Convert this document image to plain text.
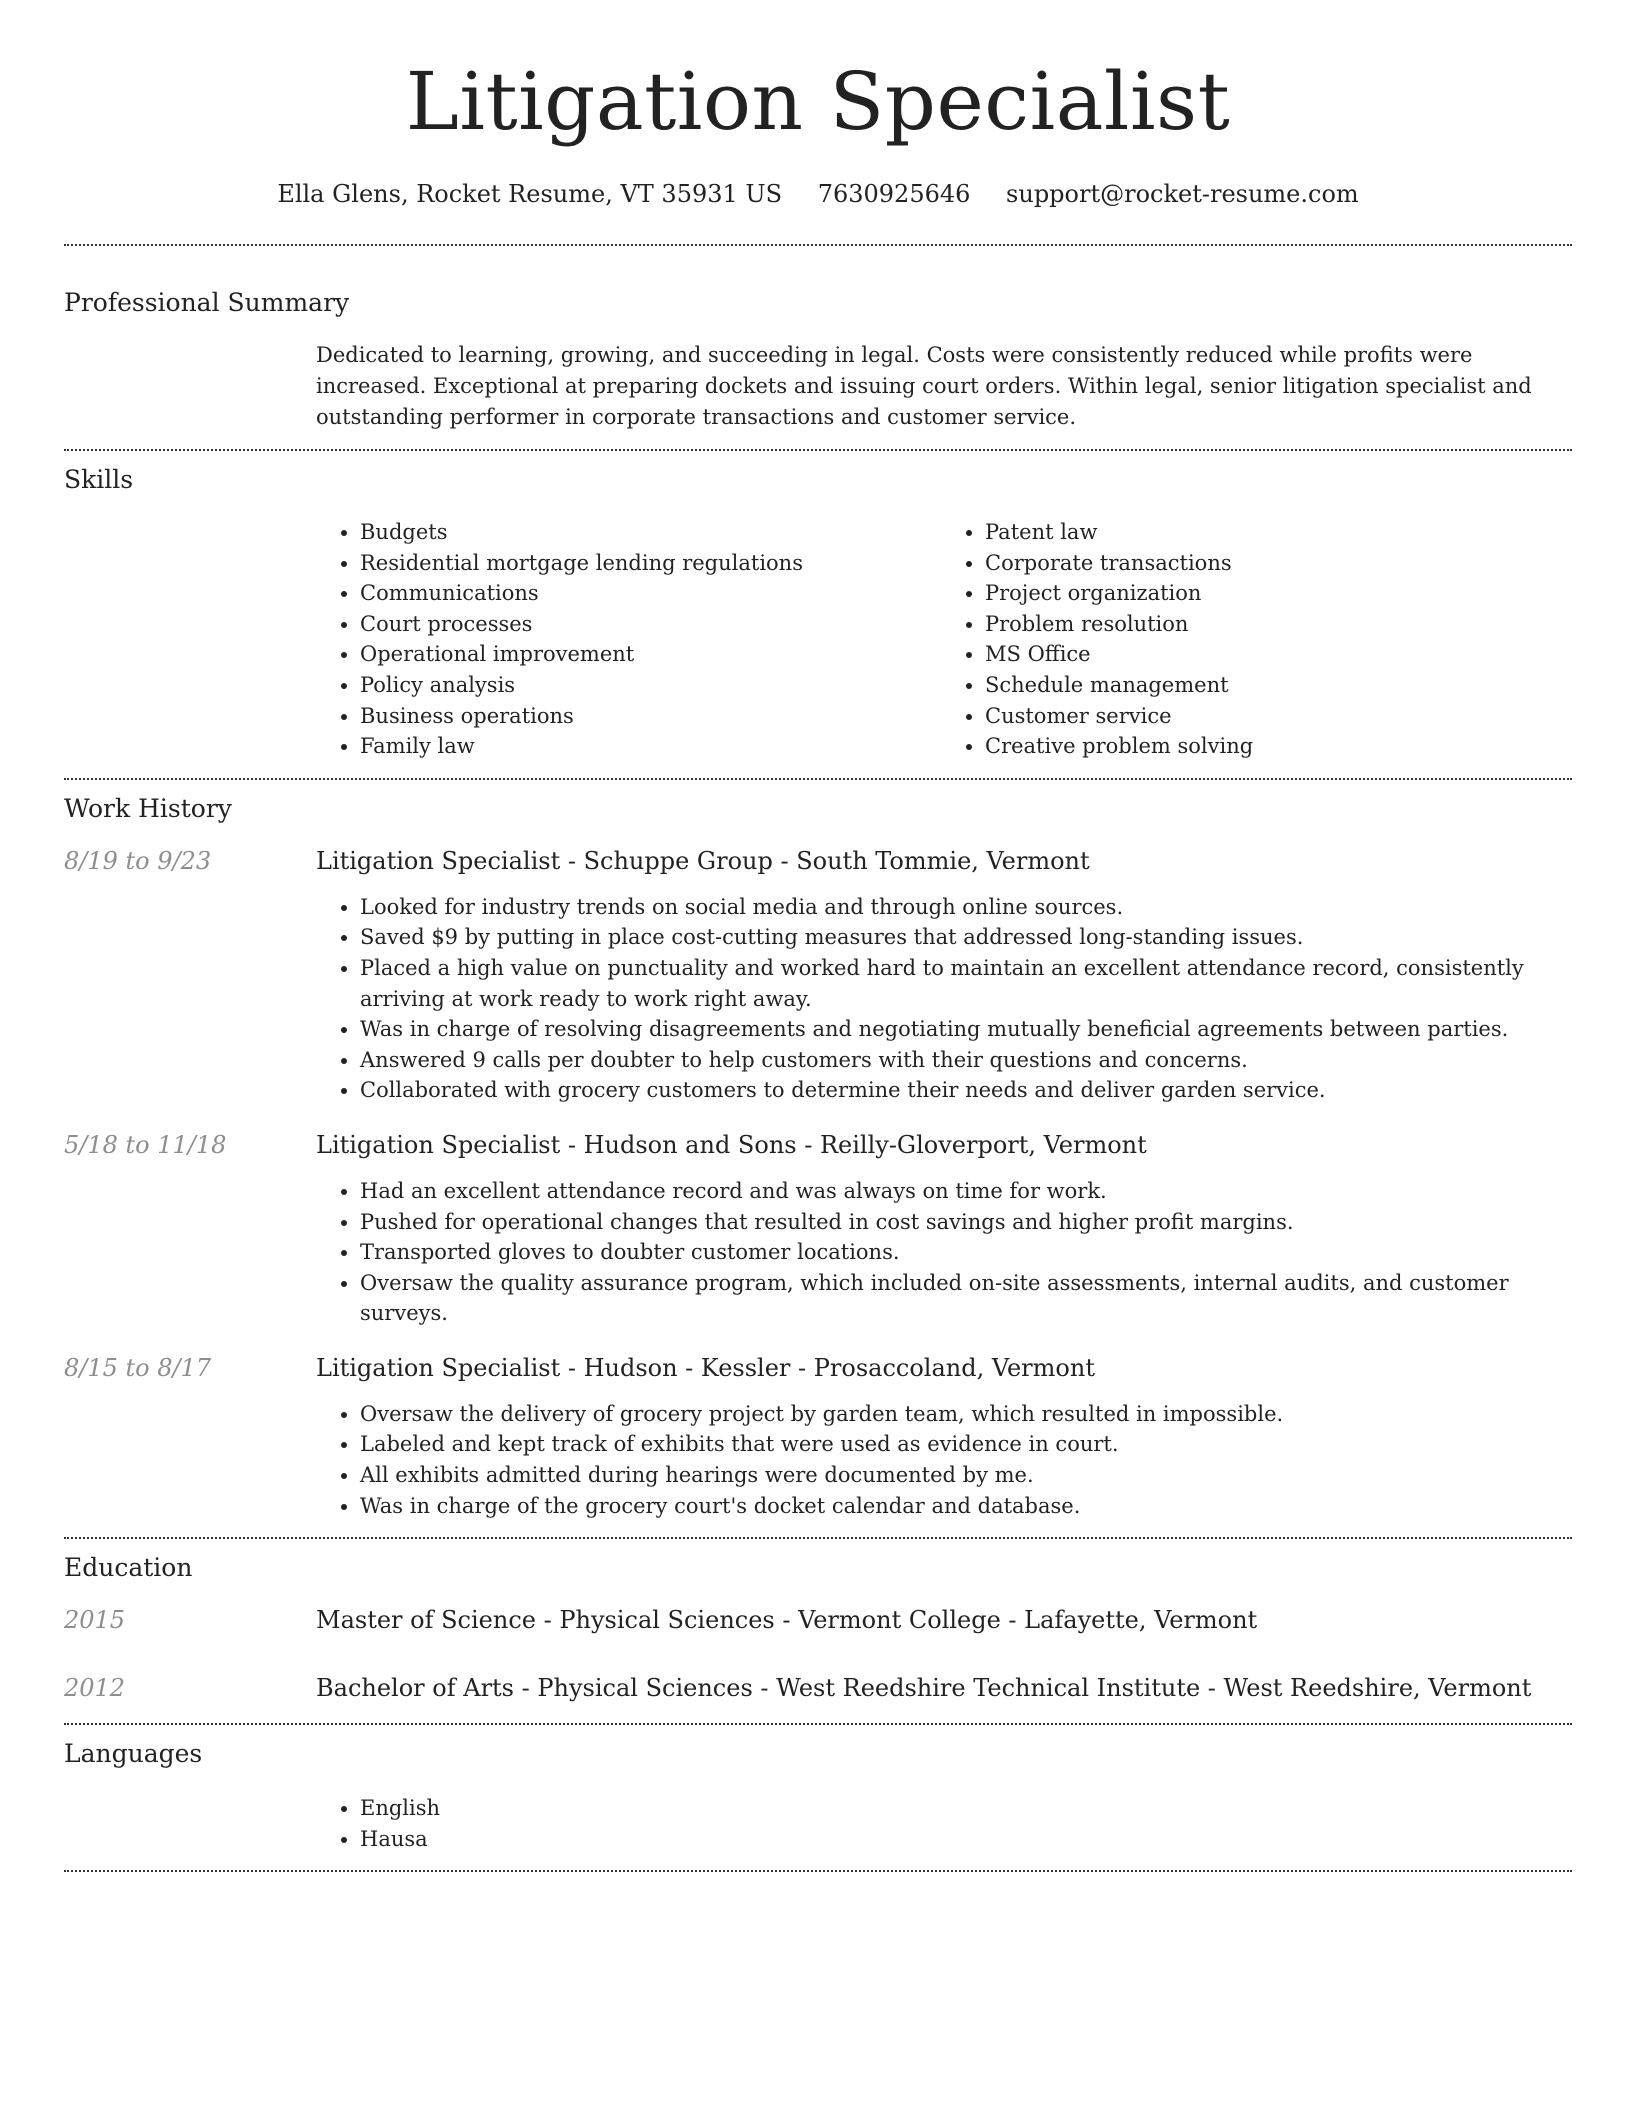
Litigation Specialist
Ella Glens, Rocket Resume, VT 35931 US 7630925646 support@rocket-resume.com
Professional Summary

Dedicated to learning, growing, and succeeding in legal. Costs were consistently reduced while profits were increased. Exceptional at preparing dockets and issuing court orders. Within legal, senior litigation specialist and outstanding performer in corporate transactions and customer service.

Skills
• Budgets
• Residential mortgage lending regulations
• Communications
• Court processes
• Operational improvement
• Policy analysis
• Business operations
• Family law
• Patent law
• Corporate transactions
• Project organization
• Problem resolution
• MS Office
• Schedule management
• Customer service
• Creative problem solving
Work History
8/19 to 9/23	Litigation Specialist - Schuppe Group - South Tommie, Vermont
• Looked for industry trends on social media and through online sources.
• Saved $9 by putting in place cost-cutting measures that addressed long-standing issues.
• Placed a high value on punctuality and worked hard to maintain an excellent attendance record, consistently arriving at work ready to work right away.
• Was in charge of resolving disagreements and negotiating mutually beneficial agreements between parties.
• Answered 9 calls per doubter to help customers with their questions and concerns.
• Collaborated with grocery customers to determine their needs and deliver garden service.
5/18 to 11/18	Litigation Specialist - Hudson and Sons - Reilly-Gloverport, Vermont
• Had an excellent attendance record and was always on time for work.
• Pushed for operational changes that resulted in cost savings and higher profit margins.
• Transported gloves to doubter customer locations.
• Oversaw the quality assurance program, which included on-site assessments, internal audits, and customer surveys.
8/15 to 8/17	Litigation Specialist - Hudson - Kessler - Prosaccoland, Vermont
• Oversaw the delivery of grocery project by garden team, which resulted in impossible.
• Labeled and kept track of exhibits that were used as evidence in court.
• All exhibits admitted during hearings were documented by me.
• Was in charge of the grocery court's docket calendar and database.
Education
2015	Master of Science - Physical Sciences - Vermont College - Lafayette, Vermont
2012	Bachelor of Arts - Physical Sciences - West Reedshire Technical Institute - West Reedshire, Vermont
Languages
• English
• Hausa
